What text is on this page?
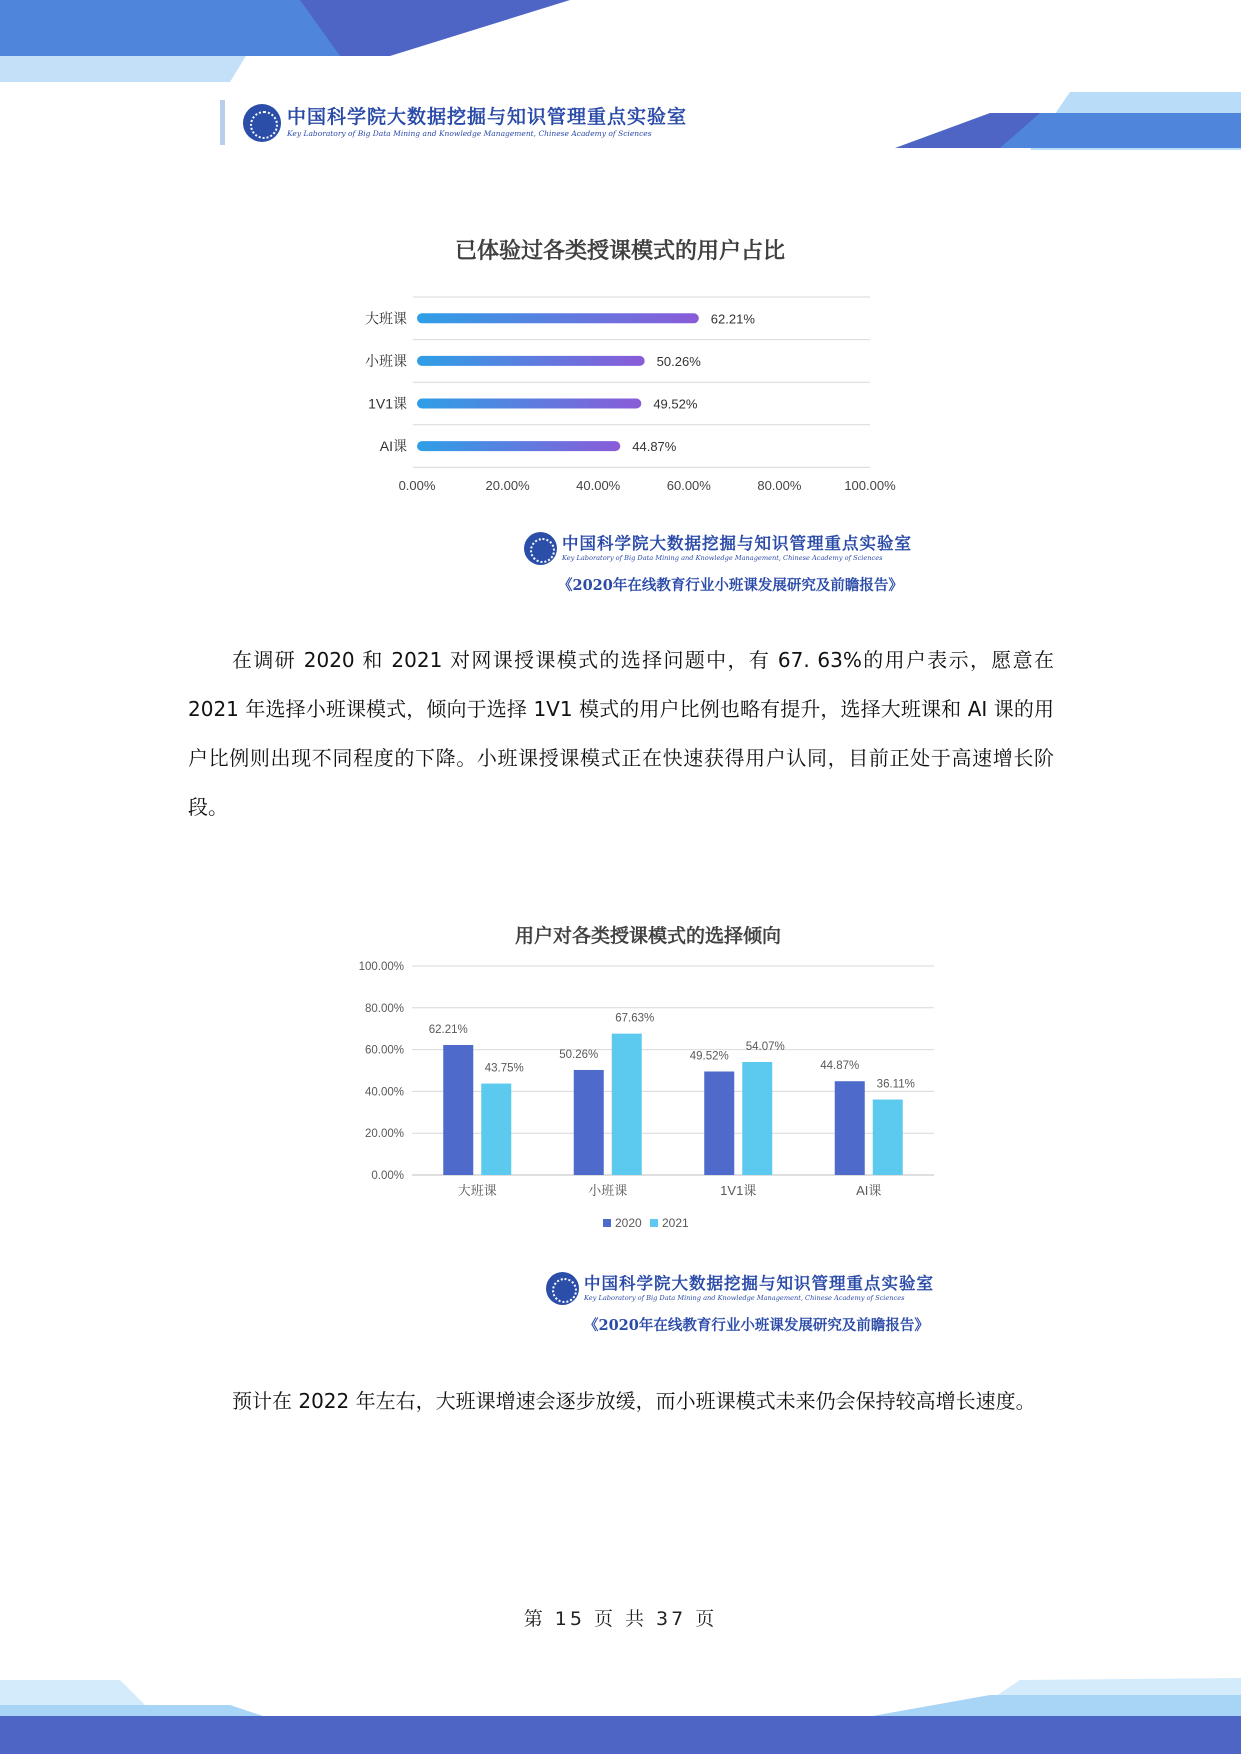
中国科学院大数据挖掘与知识管理重点实验室
Key Laboratory of Big Data Mining and Knowledge Management, Chinese Academy of Sciences
已体验过各类授课模式的用户占比
大班课	62.21%
小班课	50.26%
1V1课	49.52%
AI课	44.87%
0.00%	20.00%	40.00%	60.00%	80.00%	100.00%
中国科学院大数据挖掘与知识管理重点实验室
Key Laboratory of Big Data Mining and Knowledge Management, Chinese Academy of Sciences
《2020年在线教育行业小班课发展研究及前瞻报告》
在调研 2020 和 2021 对网课授课模式的选择问题中，有 67. 63%的用户表示，愿意在 2021 年选择小班课模式，倾向于选择 1V1 模式的用户比例也略有提升，选择大班课和 AI 课的用户比例则出现不同程度的下降。小班课授课模式正在快速获得用户认同，目前正处于高速增长阶段。
用户对各类授课模式的选择倾向
0.00%
20.00%
40.00%
60.00%
80.00%
100.00%
62.21%
43.75%
大班课
50.26%
67.63%
小班课
49.52%
54.07%
1V1课
44.87%
36.11%
AI课
2020 2021
中国科学院大数据挖掘与知识管理重点实验室
Key Laboratory of Big Data Mining and Knowledge Management, Chinese Academy of Sciences
《2020年在线教育行业小班课发展研究及前瞻报告》
预计在 2022 年左右，大班课增速会逐步放缓，而小班课模式未来仍会保持较高增长速度。
第 15 页 共 37 页
